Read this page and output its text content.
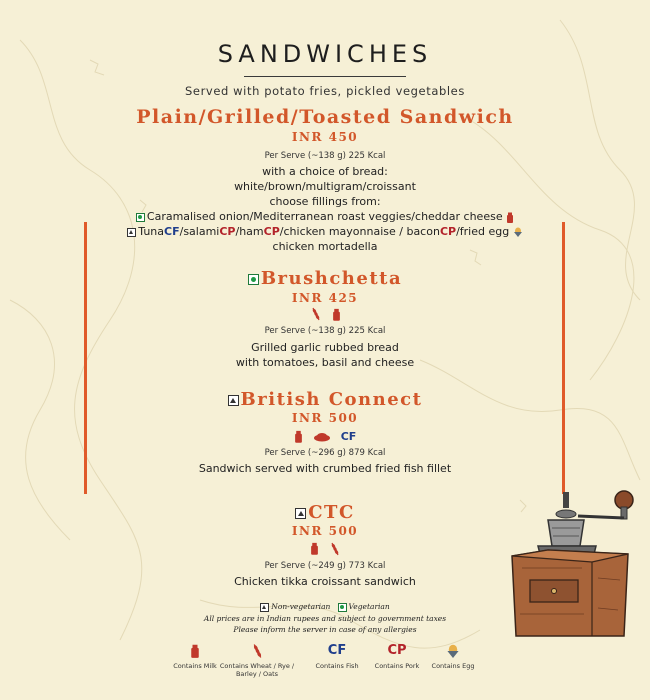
SANDWICHES
Served with potato fries, pickled vegetables
Plain/Grilled/Toasted Sandwich
INR 450
Per Serve (~138 g) 225 Kcal
with a choice of bread:
white/brown/multigram/croissant
choose fillings from:
Caramalised onion/Mediterranean roast veggies/cheddar cheese
TunaCF/salamiCP/hamCP/chicken mayonnaise / baconCP/fried egg
chicken mortadella
Brushchetta
INR 425
Per Serve (~138 g) 225 Kcal
Grilled garlic rubbed bread
with tomatoes, basil and cheese
British Connect
INR 500
CF
Per Serve (~296 g) 879 Kcal
Sandwich served with crumbed fried fish fillet
CTC
INR 500
Per Serve (~249 g) 773 Kcal
Chicken tikka croissant sandwich
Non-vegetarian Vegetarian
All prices are in Indian rupees and subject to government taxes
Please inform the server in case of any allergies
Contains Milk Contains Wheat / Rye / Barley / Oats
CF
Contains Fish
CP
Contains Pork	Contains Egg
